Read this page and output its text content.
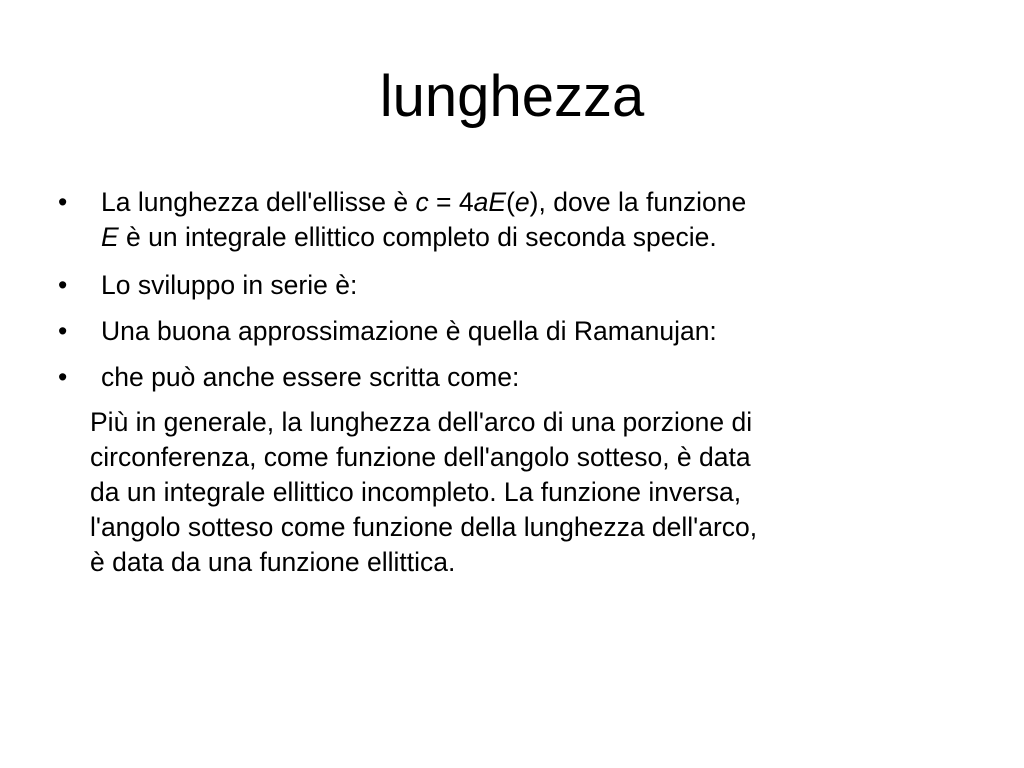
lunghezza
•	La lunghezza dell'ellisse è c = 4aE(e), dove la funzione
E è un integrale ellittico completo di seconda specie.
•	Lo sviluppo in serie è:
•	Una buona approssimazione è quella di Ramanujan:
•	che può anche essere scritta come:
Più in generale, la lunghezza dell'arco di una porzione di
circonferenza, come funzione dell'angolo sotteso, è data
da un integrale ellittico incompleto. La funzione inversa,
l'angolo sotteso come funzione della lunghezza dell'arco,
è data da una funzione ellittica.
